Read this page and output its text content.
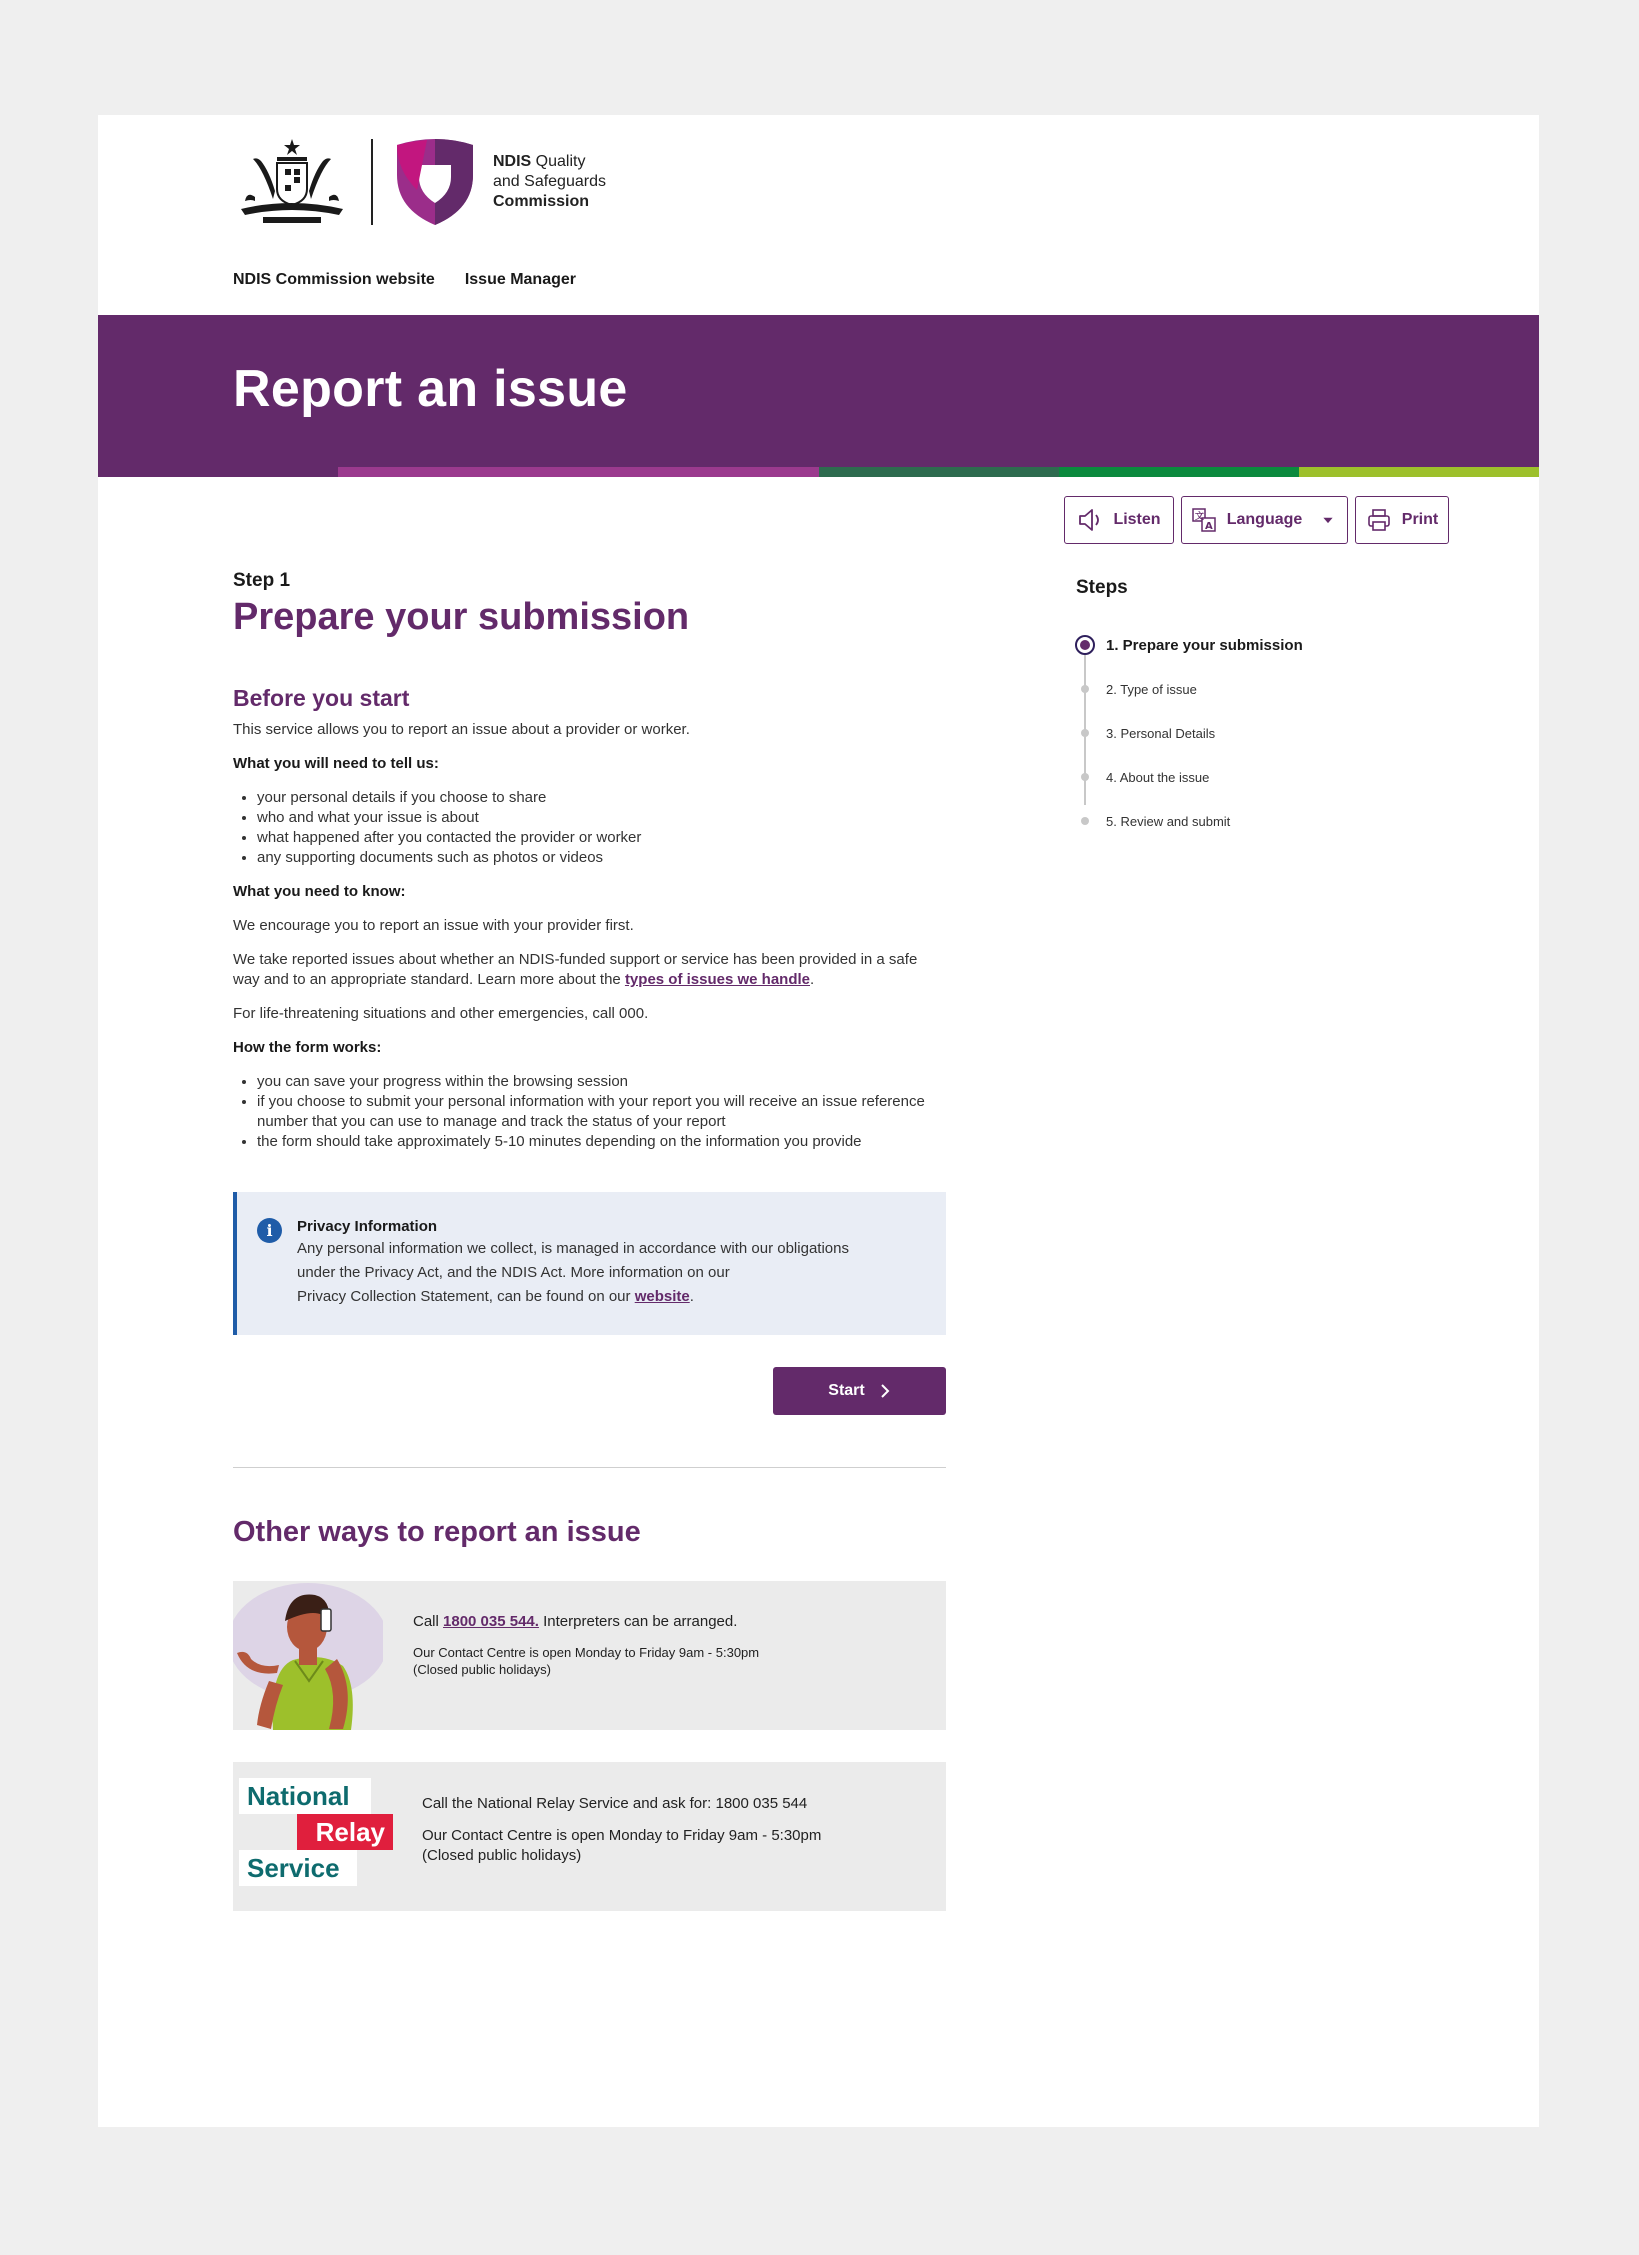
NDIS Quality
and Safeguards
Commission
NDIS Commission website Issue Manager
Report an issue
Listen	文
A Language	Print
Step 1
Prepare your submission
Before you start

This service allows you to report an issue about a provider or worker.

What you will need to tell us:

• your personal details if you choose to share
• who and what your issue is about
• what happened after you contacted the provider or worker
• any supporting documents such as photos or videos

What you need to know:

We encourage you to report an issue with your provider first.

We take reported issues about whether an NDIS-funded support or service has been provided in a safe way and to an appropriate standard. Learn more about the types of issues we handle.

For life-threatening situations and other emergencies, call 000.

How the form works:

• you can save your progress within the browsing session
• if you choose to submit your personal information with your report you will receive an issue reference number that you can use to manage and track the status of your report
• the form should take approximately 5-10 minutes depending on the information you provide
i	Privacy Information
Any personal information we collect, is managed in accordance with our obligations
under the Privacy Act, and the NDIS Act. More information on our
Privacy Collection Statement, can be found on our website.
Start
Other ways to report an issue
Call 1800 035 544. Interpreters can be arranged.
Our Contact Centre is open Monday to Friday 9am - 5:30pm
(Closed public holidays)
National
Relay
Service
Call the National Relay Service and ask for: 1800 035 544
Our Contact Centre is open Monday to Friday 9am - 5:30pm
(Closed public holidays)
Steps
1. Prepare your submission
2. Type of issue
3. Personal Details
4. About the issue
5. Review and submit
